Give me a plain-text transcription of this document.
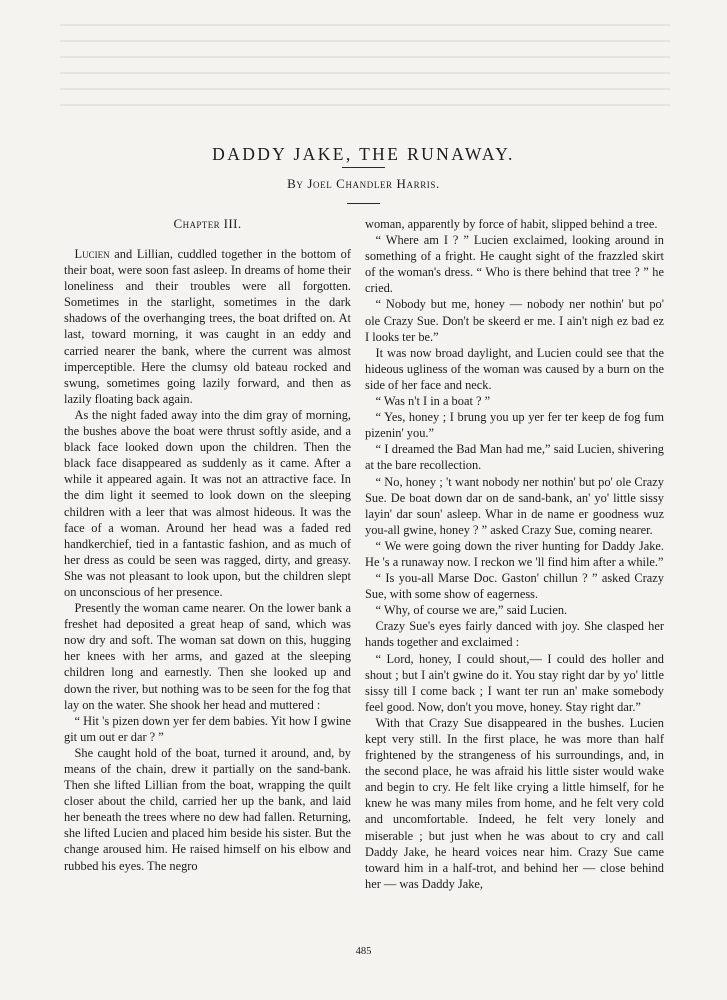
DADDY JAKE, THE RUNAWAY.
By Joel Chandler Harris.
Chapter III.

Lucien and Lillian, cuddled together in the bottom of their boat, were soon fast asleep. In dreams of home their loneliness and their troubles were all forgotten. Sometimes in the starlight, sometimes in the dark shadows of the overhanging trees, the boat drifted on. At last, toward morning, it was caught in an eddy and carried nearer the bank, where the current was almost imperceptible. Here the clumsy old bateau rocked and swung, sometimes going lazily forward, and then as lazily floating back again.

As the night faded away into the dim gray of morning, the bushes above the boat were thrust softly aside, and a black face looked down upon the children. Then the black face disappeared as suddenly as it came. After a while it appeared again. It was not an attractive face. In the dim light it seemed to look down on the sleeping children with a leer that was almost hideous. It was the face of a woman. Around her head was a faded red handkerchief, tied in a fantastic fashion, and as much of her dress as could be seen was ragged, dirty, and greasy. She was not pleasant to look upon, but the children slept on unconscious of her presence.

Presently the woman came nearer. On the lower bank a freshet had deposited a great heap of sand, which was now dry and soft. The woman sat down on this, hugging her knees with her arms, and gazed at the sleeping children long and earnestly. Then she looked up and down the river, but nothing was to be seen for the fog that lay on the water. She shook her head and muttered :

“ Hit 's pizen down yer fer dem babies. Yit how I gwine git um out er dar ? ”

She caught hold of the boat, turned it around, and, by means of the chain, drew it partially on the sand-bank. Then she lifted Lillian from the boat, wrapping the quilt closer about the child, carried her up the bank, and laid her beneath the trees where no dew had fallen. Returning, she lifted Lucien and placed him beside his sister. But the change aroused him. He raised himself on his elbow and rubbed his eyes. The negro

woman, apparently by force of habit, slipped behind a tree.

“ Where am I ? ” Lucien exclaimed, looking around in something of a fright. He caught sight of the frazzled skirt of the woman's dress. “ Who is there behind that tree ? ” he cried.

“ Nobody but me, honey — nobody ner nothin' but po' ole Crazy Sue. Don't be skeerd er me. I ain't nigh ez bad ez I looks ter be.”

It was now broad daylight, and Lucien could see that the hideous ugliness of the woman was caused by a burn on the side of her face and neck.

“ Was n't I in a boat ? ”

“ Yes, honey ; I brung you up yer fer ter keep de fog fum pizenin' you.”

“ I dreamed the Bad Man had me,” said Lucien, shivering at the bare recollection.

“ No, honey ; 't want nobody ner nothin' but po' ole Crazy Sue. De boat down dar on de sand-bank, an' yo' little sissy layin' dar soun' asleep. Whar in de name er goodness wuz you-all gwine, honey ? ” asked Crazy Sue, coming nearer.

“ We were going down the river hunting for Daddy Jake. He 's a runaway now. I reckon we 'll find him after a while.”

“ Is you-all Marse Doc. Gaston' chillun ? ” asked Crazy Sue, with some show of eagerness.

“ Why, of course we are,” said Lucien.

Crazy Sue's eyes fairly danced with joy. She clasped her hands together and exclaimed :

“ Lord, honey, I could shout,— I could des holler and shout ; but I ain't gwine do it. You stay right dar by yo' little sissy till I come back ; I want ter run an' make somebody feel good. Now, don't you move, honey. Stay right dar.”

With that Crazy Sue disappeared in the bushes. Lucien kept very still. In the first place, he was more than half frightened by the strangeness of his surroundings, and, in the second place, he was afraid his little sister would wake and begin to cry. He felt like crying a little himself, for he knew he was many miles from home, and he felt very cold and uncomfortable. Indeed, he felt very lonely and miserable ; but just when he was about to cry and call Daddy Jake, he heard voices near him. Crazy Sue came toward him in a half-trot, and behind her — close behind her — was Daddy Jake,

485
